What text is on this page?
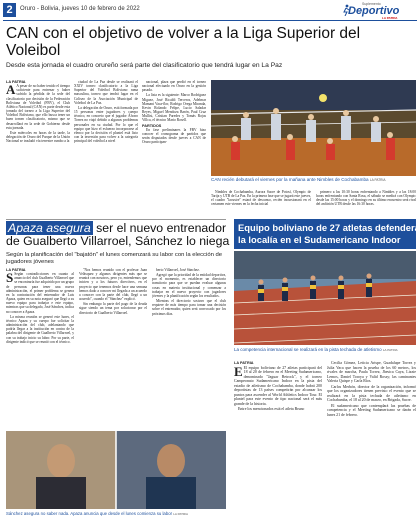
2	Oruro - Bolivia, jueves 10 de febrero de 2022
Suplemento
Deportivo
LA PATRIA
CAN con el objetivo de volver a la Liga Superior del Voleibol
Desde esta jornada el cuadro orureño será parte del clasificatorio que tendrá lugar en La Paz
LA PATRIA

A A pesar de no haber tenido el tiempo suficiente para entrenar y haber sufrido la pérdida de la sede del clasificatorio por decisión de la Federación Boliviana de Voleibol (FBV), el Club Atlético Nacional (CAN) es parte desde esta jornada del torneo a la Liga Superior del Voleibol Boliviano, que ello busca tener un buen torneo clasificatorio, mismo que se desarrollará en la sede de Gobierno desde esta jornada.

Este miércoles en horas de la tarde, la delegación de Oruro del Parque de la Unión Nacional se trasladó vía terrestre rumbo a la

ciudad de La Paz desde se realizará el XXIV torneo clasificatorio a la Liga Superior del Voleibol Boliviano rama masculina, torneo que tendrá lugar en el Coliseo de la Asociación Municipal de Voleibol de La Paz.

La delegación de Oruro, está formada por 15 personas entre jugadores y cuerpo técnico, en concreto que el jugador Álvaro Torrez no viajó debido a algunos problemas personales en su ciudad. Por lo que el equipo que hizo el esfuerzo incorporarse al elenco por la decisión el plantel está listo con la inversión para volver a la categoría principal del voleibol a nivel

nacional, plaza que perdió en el torneo nacional efectuado en Oruro en la gestión pasada.

La lista es la siguiente: Marco Rodríguez Miguez, José Ricaldi Terceros, Adelmar Mamani Vaca-flor, Rodrigo Orega Miranda, Kevin Rolando Felipe, Lucio Saladar Reyes, Miguel Mendoza Barón, Paul Cruz Mullisi, Cristian Paredes y Tomás Rojas Villca, el técnico Mario Rosell.

PARTIDOS

En fase preliminares la FBV hizo conocer el cronograma de partidos que serán disputados desde jueves a CAN de Oruro participan-

CAN recién debutará el viernes por la mañana ante Nimbles de Cochabamba LA PATRIA

Nimbles de Cochabamba, Aurora Sucre de Potosí, Olympic de Tarija y UTB de La Paz. En la primera fase que se jugará este jueves, el cuadro "lacustre" estará de descanso, recién incursionará en el certamen este viernes en la fecha inicial

primero a las 10:30 horas enfrentando a Nimbles y a las 18:00 horas enfrentando con Santa Rosa, el sábado se medirá con Olympic desde las 15:00 horas y el domingo en su último encuentro será rival del anfitrión UTB desde las 16:30 horas.

Apaza asegura ser el nuevo entrenador de Gualberto Villarroel, Sánchez lo niega
Según la planificación del "bajatón" el lunes comenzará su labor con la elección de jugadores jóvenes
LA PATRIA

S Según contradicciones en cuanto al anuncio del club Gualberto Villarroel que se encontraría fue adquirido por un grupo de personas para tener una nueva administración, el primer problema se genera en la contratación del entrenador de Luis Apaza, quien en su nota aseguró que llegó a su nuevo equipo para trabajar e este equipo, mientras que su delegado, José Sánchez, indica no conocer a Apaza.

La misma reunión se generó este lunes, el técnico Apaza y su cuerpo fue solicitar la administración del club, adelantando que podría llegar a la institución en contra de la palabra del dirigente de Gualberto Villarroel, y con su trabajo inicio su labor. Por su parte, el dirigente indicó que se reunió con el técnico.

"Nos hemos reunido con el profesor Juan Velásquez y algunos dirigentes más que se reunirá con nosotros, pero yo, entendemos que inicien y a los futuros directivos, en el proyecto que tenemos desde hace una semana hemos dado a conocer mi llegada a un acuerdo a conocer con la parte del club, llegó a un acuerdo", cuando el "Sánchez" explicó.

Sin embargo la parte del pago de la deuda sigue siendo un tema por solucionar por el directorio de Gualberto Villarroel.

berto Villarroel, José Sánchez.

Agregó que la prioridad de la entidad deportiva, por el momento, es establecer un directorio transitorio para que se puedan evaluar algunas cosas en materia institucional y comenzar a trabajar en el nuevo proyecto con jugadores jóvenes y la planificación según los resultados.

Mientras el directorio sostuvo que el club requiere de más tiempo para tomar una decisión sobre el entrenador, quien será convocado por los próximos días.

Sánchez asegura no saber nada. Apaza anuncia que desde el lunes comienza su labor LA PATRIA
Equipo boliviano de 27 atletas defenderá
la localía en el Sudamericano Indoor
La competencia internacional se realizará en la pista techada de atletismo LA PATRIA
LA PATRIA

E El equipo boliviano de 27 atletas participará del 18 al 20 de febrero en el Meeting Sudamericano, denominado "Jaguar Betrock", y el torneo Campeonato Sudamericano Indoor en la pista del estadio de atletismo de Cochabamba, donde habrá 200 deportistas de 13 países competirán por alcanzar los puntos para ascender al World Athletics Indoor Tour. El plantel para este evento de tipo nacional será el más grande de la historia.

Entre los mencionados está el atleta Bruno

Cecilia Gómez, Leticia Arispe, Guadalupe Torrez y Julia Vaca que hacen la prueba de los 60 metros, los rivales de marcha, Paula Torrez, Jhesica Caya, Lizzie Lemos, Daniel Toroya y Valid Rossy; las caminantes Valeria Quispe y Carla Ríos.

Carlos Merbón, director de la organización, informó que los organizadores tienen previsto el evento que se realizará en la pista techada de atletismo en Cochabamba, el 18 al 20 de marzo, en Brigada, Sucre.

El sudamericano que contemplará las pruebas de competencia y el Meeting Sudamericano se darán el lunes 21 de febrero.
